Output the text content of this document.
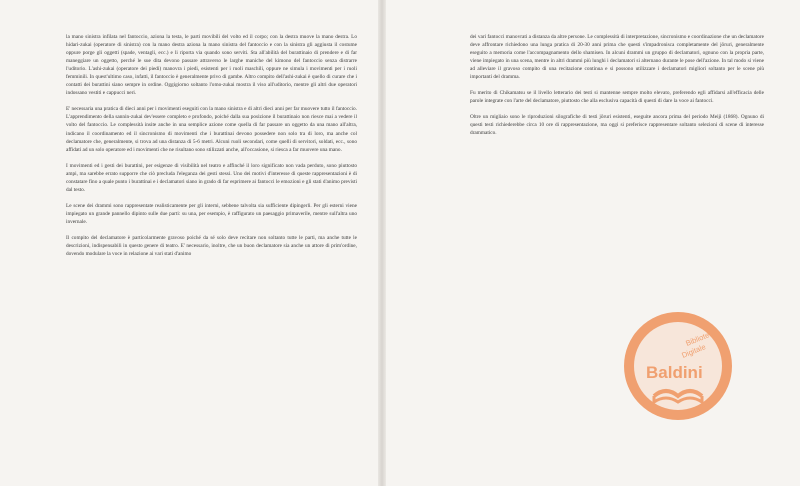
la mano sinistra infilata nel fantoccio, aziona la testa, le parti movibili del volto ed il corpo; con la destra muove la mano destra. Lo hidari-zukai (operatore di sinistra) con la mano destra aziona la mano sinistra del fantoccio e con la sinistra gli aggiusta il costume oppure porge gli oggetti (spade, ventagli, ecc.) e li riporta via quando sono serviti. Sta all'abilità del burattinaio di prendere e di far maneggiare un oggetto, perché le sue dita devono passare attraverso le larghe maniche del kimono del fantoccio senza distrarre l'uditorio. L'ashi-zukai (operatore dei piedi) manovra i piedi, esistenti per i ruoli maschili, oppure ne simula i movimenti per i ruoli femminili. In quest'ultimo caso, infatti, il fantoccio è generalmente privo di gambe. Altro compito dell'ashi-zukai è quello di curare che i contatti dei burattini siano sempre in ordine. Oggigiorno soltanto l'omo-zukai mostra il viso all'uditorio, mentre gli altri due operatori indossano vestiti e cappucci neri.

E' necessaria una pratica di dieci anni per i movimenti eseguiti con la mano sinistra e di altri dieci anni per far muovere tutto il fantoccio. L'apprendimento della sannin-zukai dev'essere completo e profondo, poiché dalla sua posizione il burattinaio non riesce mai a vedere il volto del fantoccio. Le complessità insite anche in una semplice azione come quella di far passare un oggetto da una mano all'altra, indicano il coordinamento ed il sincronismo di movimenti che i burattinai devono possedere non solo tra di loro, ma anche col declamatore che, generalmente, si trova ad una distanza di 5-6 metri. Alcuni ruoli secondari, come quelli di servitori, soldati, ecc., sono affidati ad un solo operatore ed i movimenti che ne risultano sono stilizzati anche, all'occasione, si riesca a far muovere una mano.

I movimenti ed i gesti dei burattini, per esigenze di visibilità nel teatro e affinché il loro significato non vada perduto, sono piuttosto ampi, ma sarebbe errato supporre che ciò precluda l'eleganza dei gesti stessi. Uno dei motivi d'interesse di queste rappresentazioni è di constatare fino a quale punto i burattinai e i declamatori siano in grado di far esprimere ai fantocci le emozioni e gli stati d'animo previsti dal testo.

Le scene dei drammi sono rappresentate realisticamente per gli interni, sebbene talvolta sia sufficiente dipingerli. Per gli esterni viene impiegato un grande pannello dipinto sulle due parti: su una, per esempio, è raffigurato un paesaggio primaverile, mentre sull'altra uno invernale.

Il compito del declamatore è particolarmente gravoso poiché da sé solo deve recitare non soltanto tutte le parti, ma anche tutte le descrizioni, indispensabili in questo genere di teatro. E' necessario, inoltre, che un buon declamatore sia anche un attore di prim'ordine, dovendo modulare la voce in relazione ai vari stati d'animo

dei vari fantocci manovrati a distanza da altre persone. Le complessità di interpretazione, sincronismo e coordinazione che un declamatore deve affrontare richiedono una lunga pratica di 20-30 anni prima che questi s'impadronisca completamente del jôruri, generalmente eseguito a memoria come l'accompagnamento dello shamisen. In alcuni drammi un gruppo di declamatori, ognuno con la propria parte, viene impiegato in una scena, mentre in altri drammi più lunghi i declamatori si alternano durante le pose dell'azione. In tal modo si viene ad alleviare il gravoso compito di una recitazione continua e si possono utilizzare i declamatori migliori soltanto per le scene più importanti del dramma.

Fu merito di Chikamatsu se il livello letterario dei testi si mantenne sempre molto elevato, preferendo egli affidarsi all'efficacia delle parole integrate con l'arte del declamatore, piuttosto che alla esclusiva capacità di questi di dare la voce ai fantocci.

Oltre un migliaio sono le riproduzioni silografiche di testi jôruri esistenti, eseguite ancora prima del periodo Meiji (1868). Ognuno di questi testi richiederebbe circa 10 ore di rappresentazione, ma oggi si preferisce rappresentare soltanto selezioni di scene di interesse drammatico.

Biblioteca
Digitale
Baldini
